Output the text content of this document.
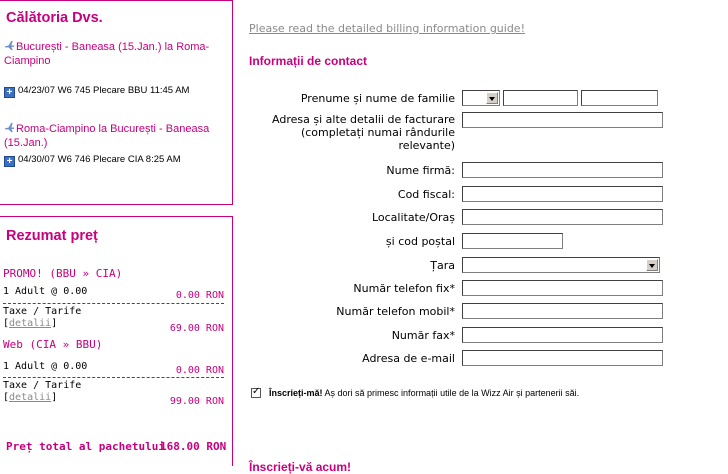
Călătoria Dvs.
București - Baneasa (15.Jan.) la Roma-Ciampino
+ 04/23/07 W6 745 Plecare BBU 11:45 AM
Roma-Ciampino la București - Baneasa (15.Jan.)
+ 04/30/07 W6 746 Plecare CIA 8:25 AM
Rezumat preț
PROMO! (BBU » CIA)
1 Adult @ 0.00	0.00 RON
Taxe / Tarife
[detalii]	69.00 RON
Web (CIA » BBU)
1 Adult @ 0.00	0.00 RON
Taxe / Tarife
[detalii]	99.00 RON
Preț total al pachetului
168.00 RON
Please read the detailed billing information guide!
Informații de contact
Prenume și nume de familie
Adresa și alte detalii de facturare
(completați numai rândurile
relevante)
Nume firmă:
Cod fiscal:
Localitate/Oraș
și cod poștal
Țara
Număr telefon fix*
Număr telefon mobil*
Număr fax*
Adresa de e-mail
✓Înscrieți-mă! Aș dori să primesc informații utile de la Wizz Air și partenerii săi.
Înscrieți-vă acum!
